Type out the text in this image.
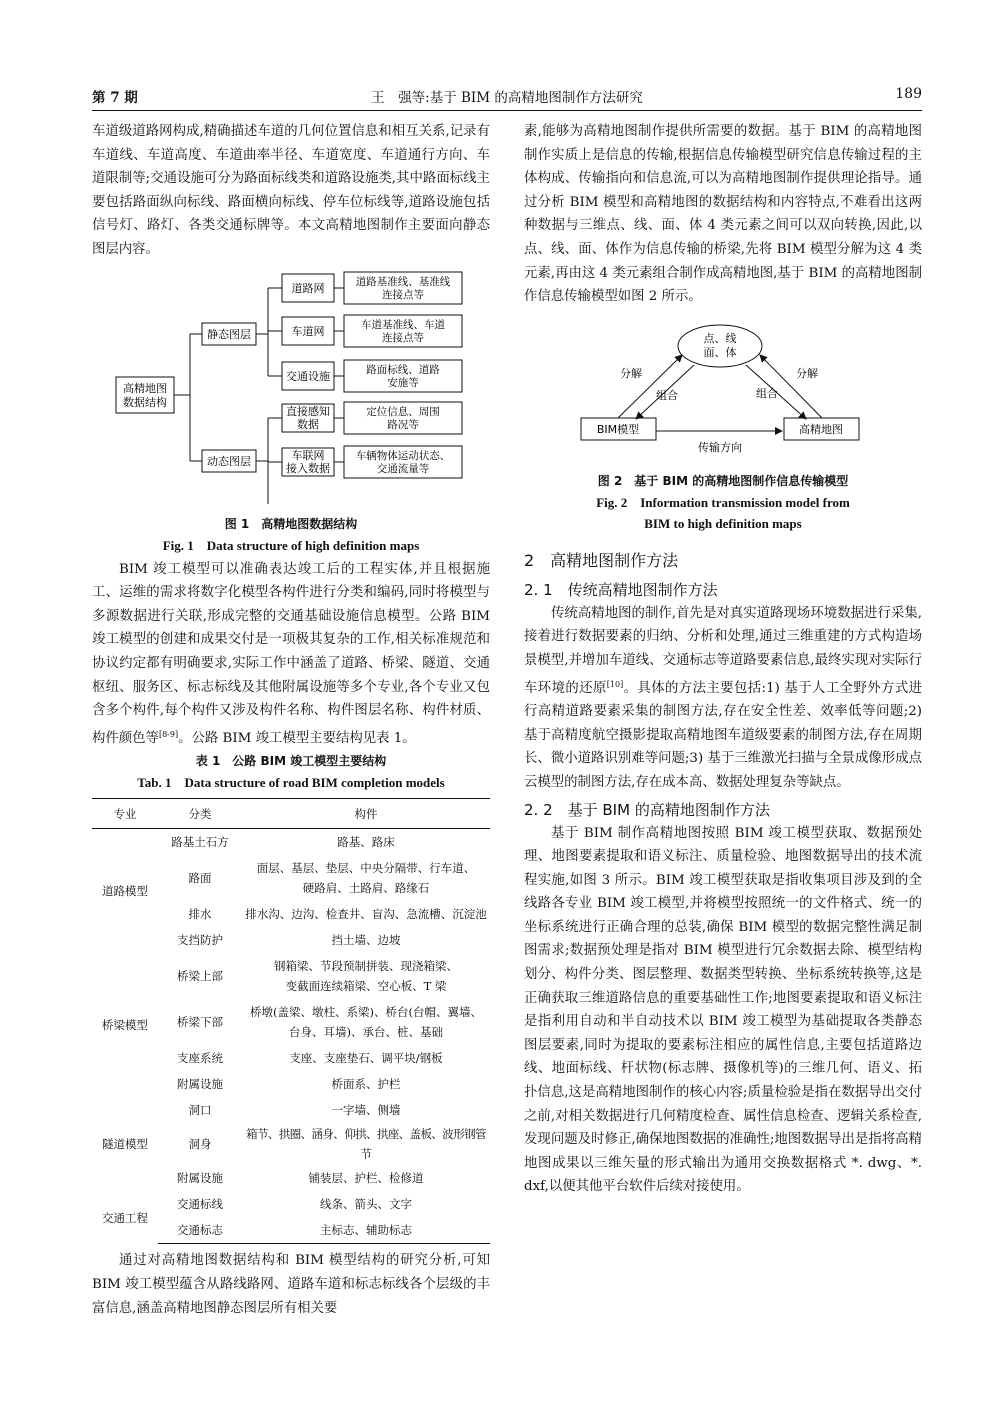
第 7 期	王　强等:基于 BIM 的高精地图制作方法研究	189

车道级道路网构成,精确描述车道的几何位置信息和相互关系,记录有车道线、车道高度、车道曲率半径、车道宽度、车道通行方向、车道限制等;交通设施可分为路面标线类和道路设施类,其中路面标线主要包括路面纵向标线、路面横向标线、停车位标线等,道路设施包括信号灯、路灯、各类交通标牌等。本文高精地图制作主要面向静态图层内容。

道路网	道路基准线、基准线
连接点等
车道网	车道基准线、车道
连接点等
交通设施	路面标线、道路
安施等
直接感知
数据
定位信息、周围
路况等
车联网
接入数据
车辆物体运动状态、
交通流量等
高精地图
数据结构
静态图层
动态图层
图 1　高精地图数据结构
Fig. 1　Data structure of high definition maps

BIM 竣工模型可以准确表达竣工后的工程实体,并且根据施工、运维的需求将数字化模型各构件进行分类和编码,同时将模型与多源数据进行关联,形成完整的交通基础设施信息模型。公路 BIM 竣工模型的创建和成果交付是一项极其复杂的工作,相关标准规范和协议约定都有明确要求,实际工作中涵盖了道路、桥梁、隧道、交通枢纽、服务区、标志标线及其他附属设施等多个专业,各个专业又包含多个构件,每个构件又涉及构件名称、构件图层名称、构件材质、构件颜色等[8-9]。公路 BIM 竣工模型主要结构见表 1。

表 1　公路 BIM 竣工模型主要结构
Tab. 1　Data structure of road BIM completion models
专业	分类	构件
道路模型	路基土石方	路基、路床

	路面	面层、基层、垫层、中央分隔带、行车道、
硬路肩、土路肩、路缘石

	排水	排水沟、边沟、检查井、盲沟、急流槽、沉淀池

	支挡防护	挡土墙、边坡

桥梁模型	桥梁上部	钢箱梁、节段预制拼装、现浇箱梁、
变截面连续箱梁、空心板、T 梁

	桥梁下部	桥墩(盖梁、墩柱、系梁)、桥台(台帽、翼墙、
台身、耳墙)、承台、桩、基础

	支座系统	支座、支座垫石、调平块/钢板

	附属设施	桥面系、护栏

隧道模型	洞口	一字墙、侧墙

	洞身	箱节、拱圈、涵身、仰拱、拱座、盖板、波形钢管节

	附属设施	铺装层、护栏、检修道

交通工程	交通标线	线条、箭头、文字

	交通标志	主标志、辅助标志

通过对高精地图数据结构和 BIM 模型结构的研究分析,可知 BIM 竣工模型蕴含从路线路网、道路车道和标志标线各个层级的丰富信息,涵盖高精地图静态图层所有相关要

素,能够为高精地图制作提供所需要的数据。基于 BIM 的高精地图制作实质上是信息的传输,根据信息传输模型研究信息传输过程的主体构成、传输指向和信息流,可以为高精地图制作提供理论指导。通过分析 BIM 模型和高精地图的数据结构和内容特点,不难看出这两种数据与三维点、线、面、体 4 类元素之间可以双向转换,因此,以点、线、面、体作为信息传输的桥梁,先将 BIM 模型分解为这 4 类元素,再由这 4 类元素组合制作成高精地图,基于 BIM 的高精地图制作信息传输模型如图 2 所示。

点、线
面、体
BIM模型	高精地图
分解
组合	组合
分解
传输方向
图 2　基于 BIM 的高精地图制作信息传输模型
Fig. 2　Information transmission model from
BIM to high definition maps
2　高精地图制作方法
2. 1　传统高精地图制作方法

传统高精地图的制作,首先是对真实道路现场环境数据进行采集,接着进行数据要素的归纳、分析和处理,通过三维重建的方式构造场景模型,并增加车道线、交通标志等道路要素信息,最终实现对实际行车环境的还原[10]。具体的方法主要包括:1) 基于人工全野外方式进行高精道路要素采集的制图方法,存在安全性差、效率低等问题;2) 基于高精度航空摄影提取高精地图车道级要素的制图方法,存在周期长、微小道路识别难等问题;3) 基于三维激光扫描与全景成像形成点云模型的制图方法,存在成本高、数据处理复杂等缺点。

2. 2　基于 BIM 的高精地图制作方法

基于 BIM 制作高精地图按照 BIM 竣工模型获取、数据预处理、地图要素提取和语义标注、质量检验、地图数据导出的技术流程实施,如图 3 所示。BIM 竣工模型获取是指收集项目涉及到的全线路各专业 BIM 竣工模型,并将模型按照统一的文件格式、统一的坐标系统进行正确合理的总装,确保 BIM 模型的数据完整性满足制图需求;数据预处理是指对 BIM 模型进行冗余数据去除、模型结构划分、构件分类、图层整理、数据类型转换、坐标系统转换等,这是正确获取三维道路信息的重要基础性工作;地图要素提取和语义标注是指利用自动和半自动技术以 BIM 竣工模型为基础提取各类静态图层要素,同时为提取的要素标注相应的属性信息,主要包括道路边线、地面标线、杆状物(标志牌、摄像机等)的三维几何、语义、拓扑信息,这是高精地图制作的核心内容;质量检验是指在数据导出交付之前,对相关数据进行几何精度检查、属性信息检查、逻辑关系检查,发现问题及时修正,确保地图数据的准确性;地图数据导出是指将高精地图成果以三维矢量的形式输出为通用交换数据格式 *. dwg、*. dxf,以便其他平台软件后续对接使用。
